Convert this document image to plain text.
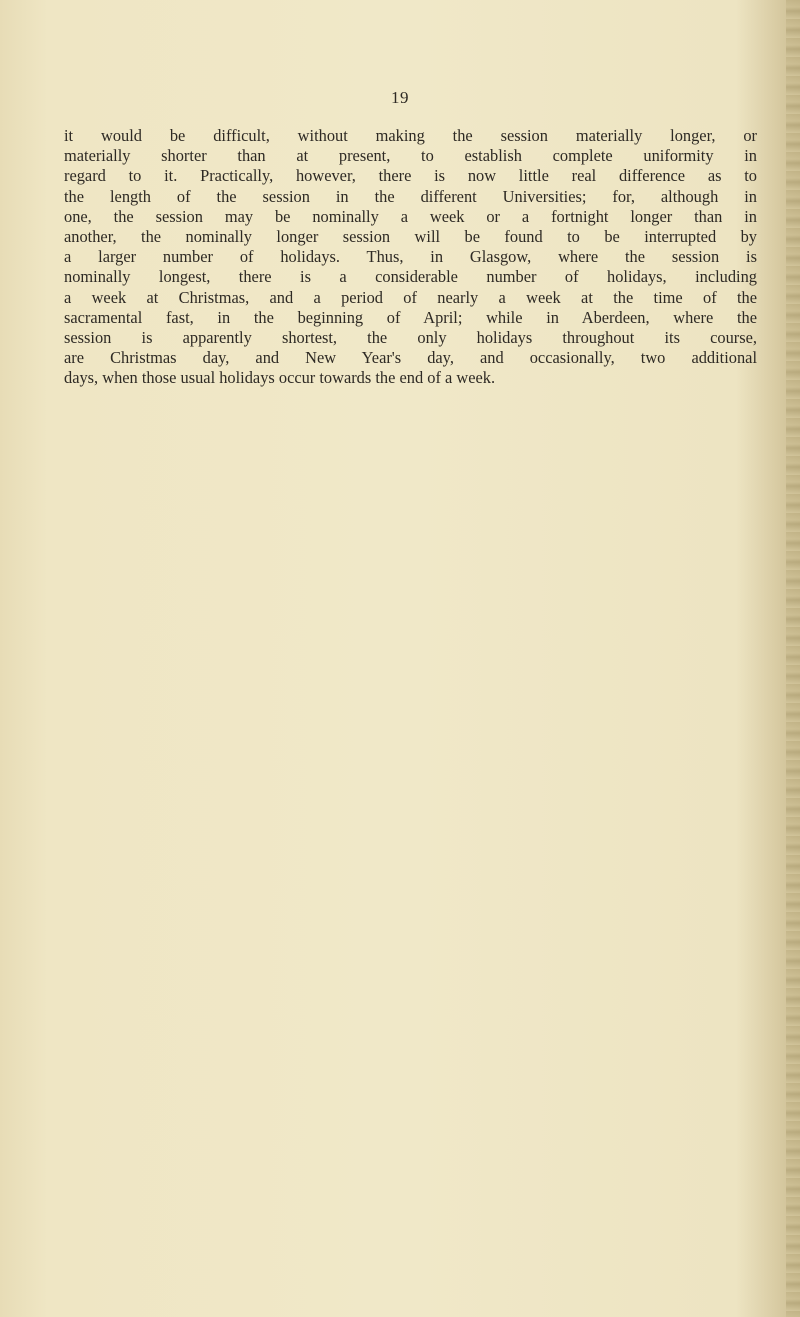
19

it would be difficult, without making the session materially longer, or
materially shorter than at present, to establish complete uniformity in
regard to it. Practically, however, there is now little real difference as to
the length of the session in the different Universities; for, although in
one, the session may be nominally a week or a fortnight longer than in
another, the nominally longer session will be found to be interrupted by
a larger number of holidays. Thus, in Glasgow, where the session is
nominally longest, there is a considerable number of holidays, including
a week at Christmas, and a period of nearly a week at the time of the
sacramental fast, in the beginning of April; while in Aberdeen, where the
session is apparently shortest, the only holidays throughout its course,
are Christmas day, and New Year's day, and occasionally, two additional
days, when those usual holidays occur towards the end of a week.
